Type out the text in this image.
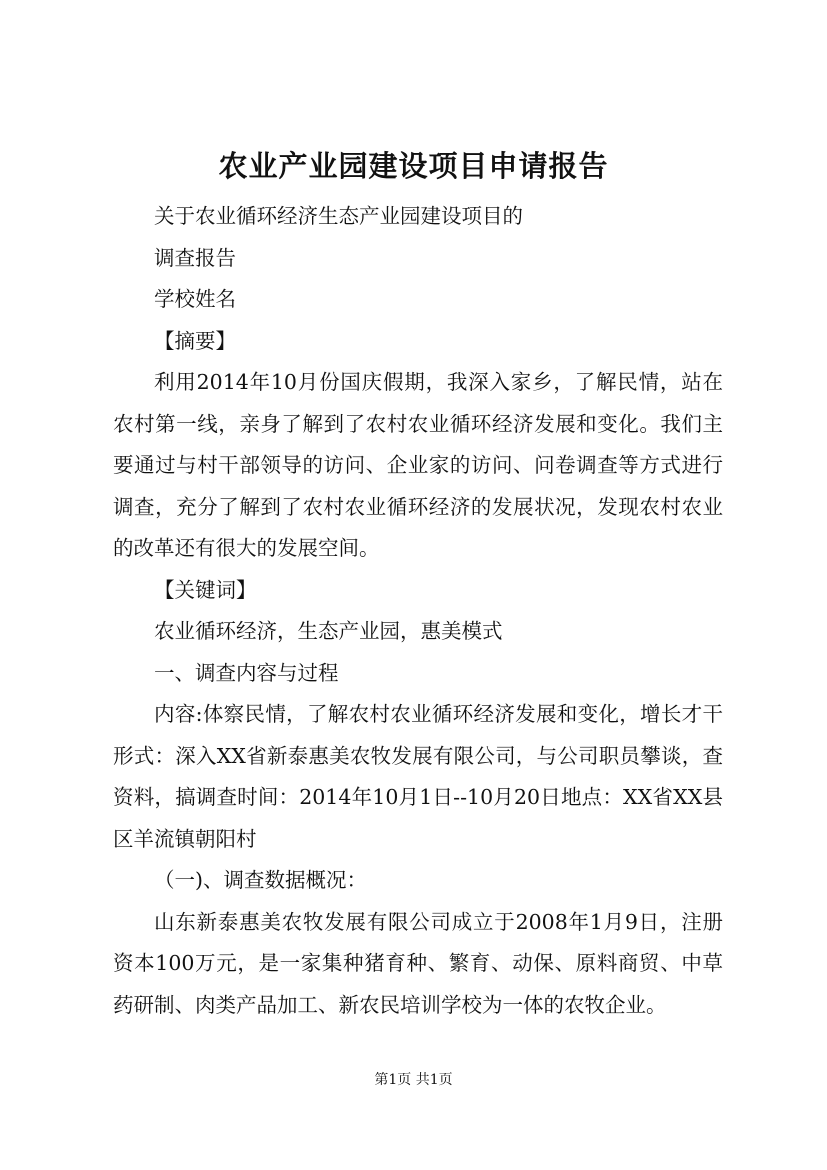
农业产业园建设项目申请报告

关于农业循环经济生态产业园建设项目的

调查报告

学校姓名

【摘要】

利用2014年10月份国庆假期，我深入家乡，了解民情，站在农村第一线，亲身了解到了农村农业循环经济发展和变化。我们主要通过与村干部领导的访问、企业家的访问、问卷调查等方式进行调查，充分了解到了农村农业循环经济的发展状况，发现农村农业的改革还有很大的发展空间。

【关键词】

农业循环经济，生态产业园，惠美模式

一、调查内容与过程

内容:体察民情，了解农村农业循环经济发展和变化，增长才干形式：深入XX省新泰惠美农牧发展有限公司，与公司职员攀谈，查资料，搞调查时间：2014年10月1日--10月20日地点：XX省XX县区羊流镇朝阳村

（一)、调查数据概况：

山东新泰惠美农牧发展有限公司成立于2008年1月9日，注册资本100万元，是一家集种猪育种、繁育、动保、原料商贸、中草药研制、肉类产品加工、新农民培训学校为一体的农牧企业。

第1页 共1页
